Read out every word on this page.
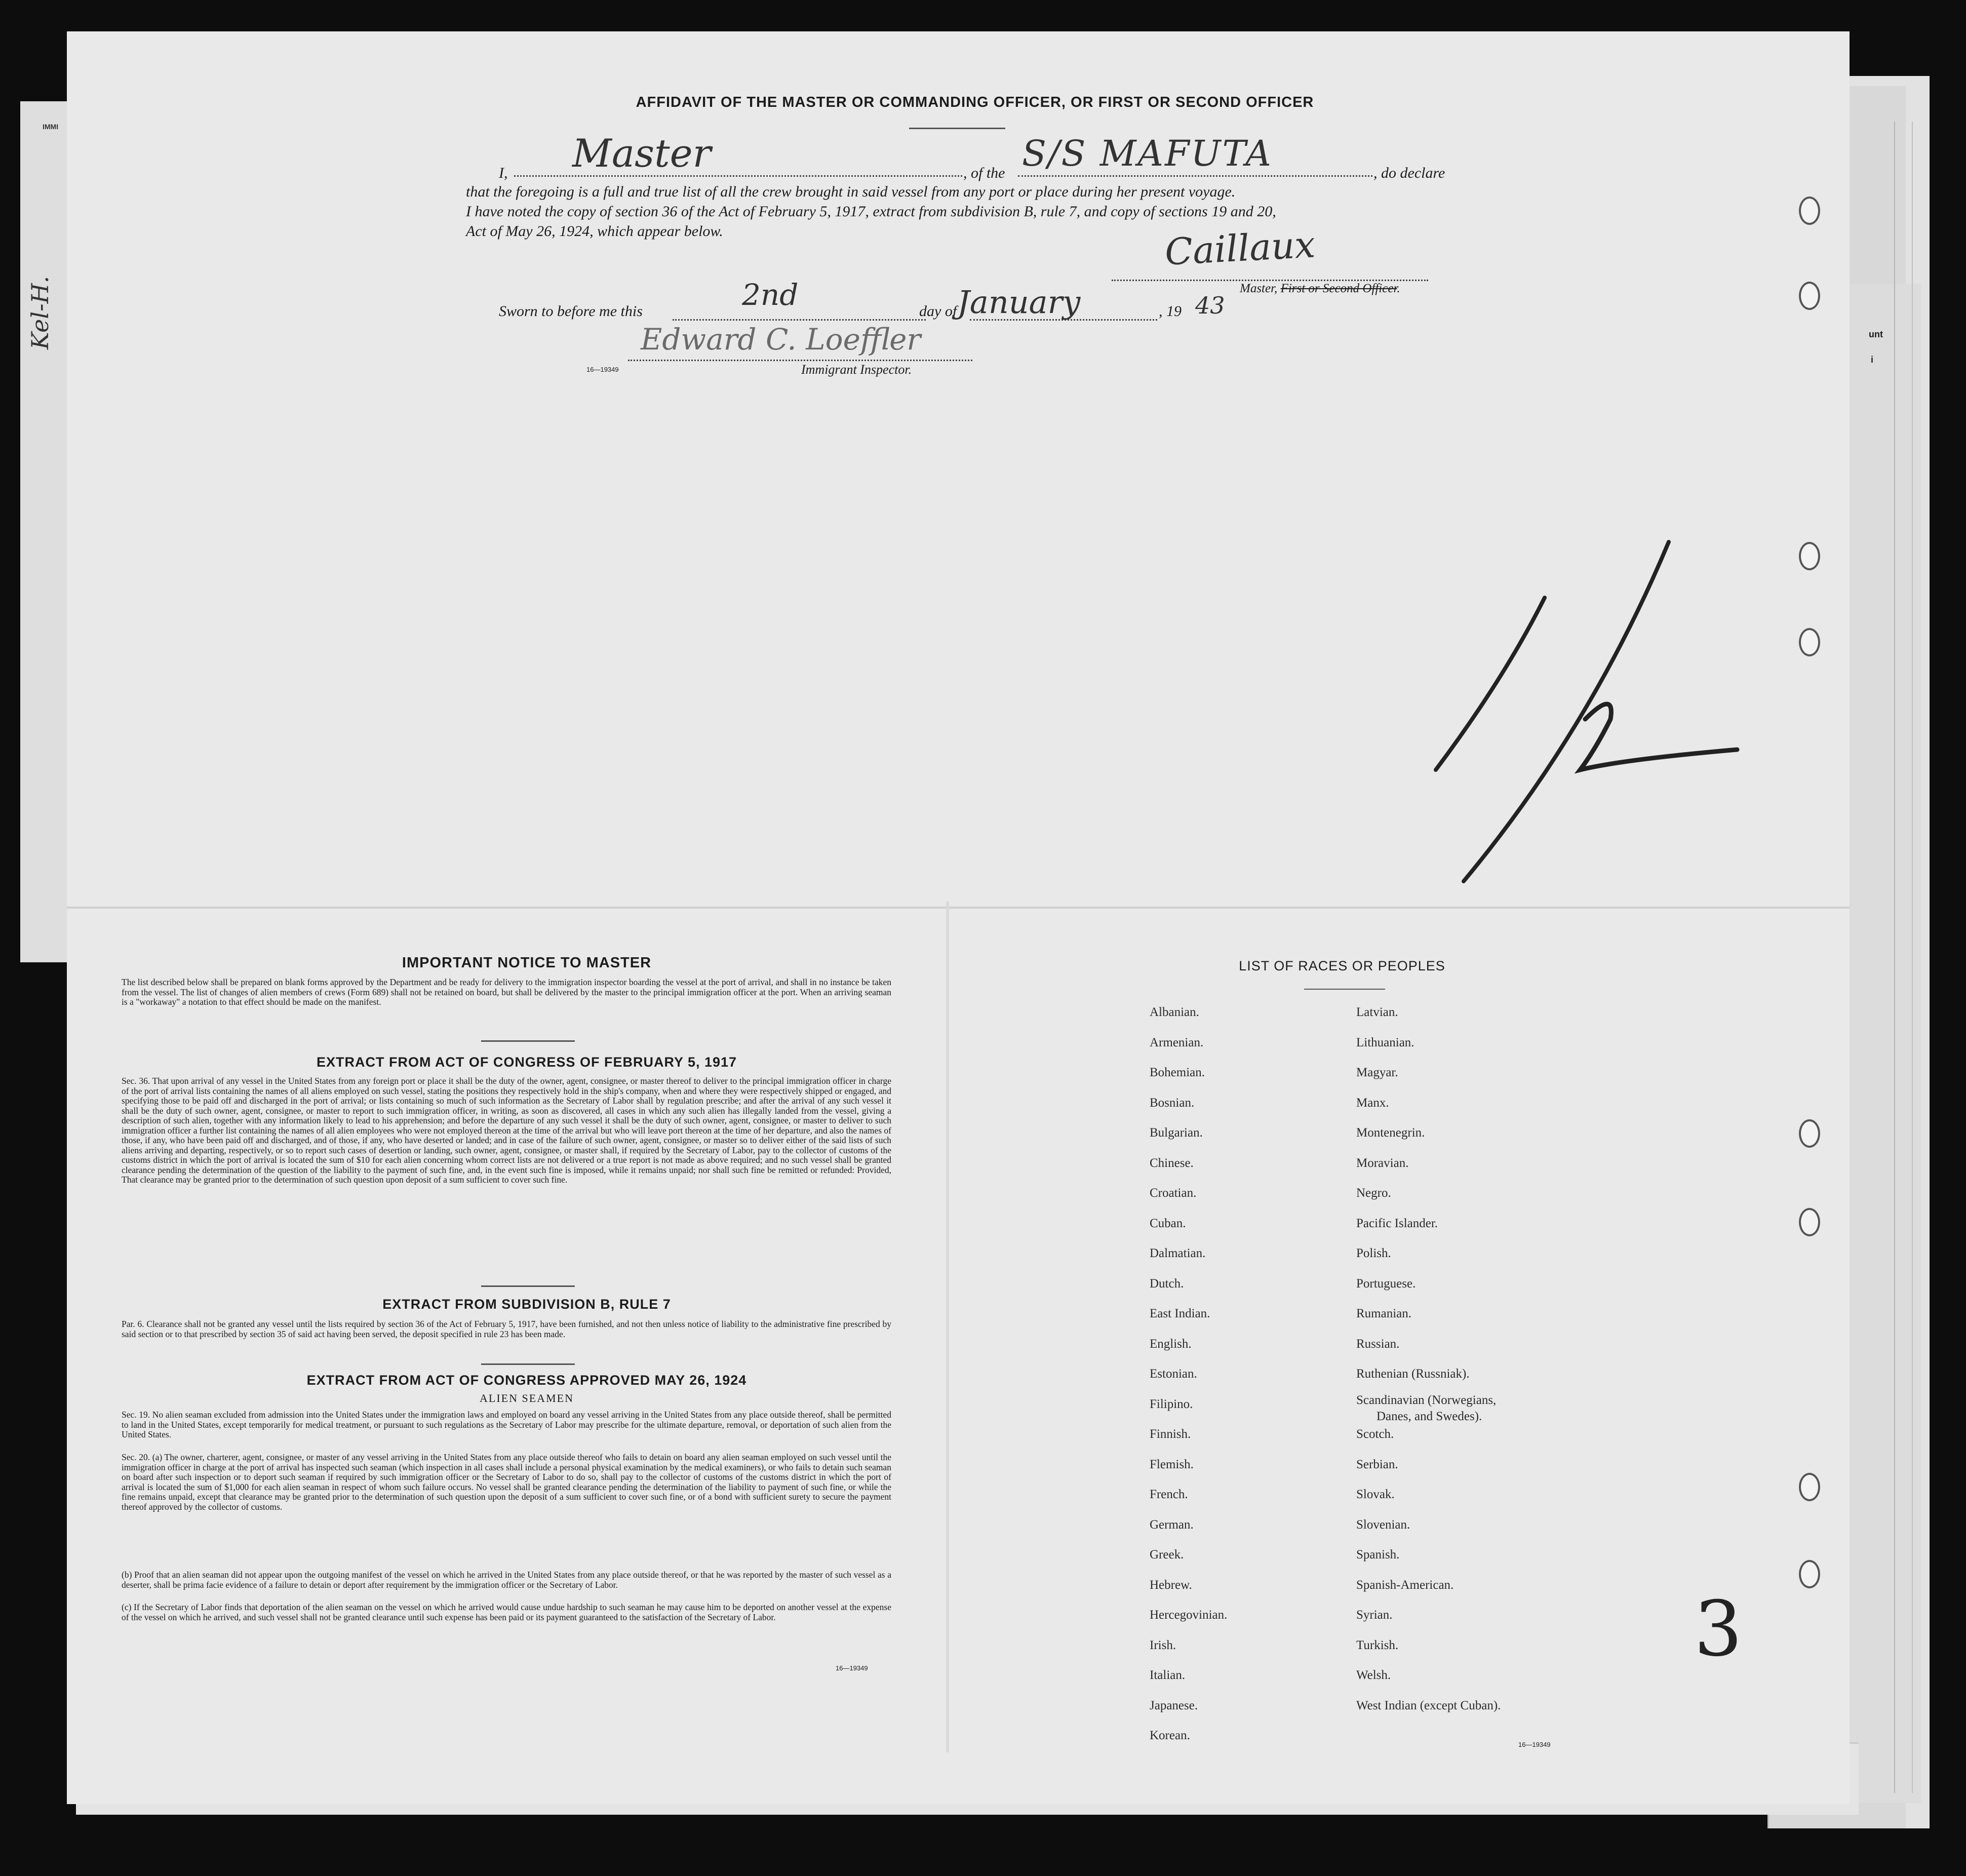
unt
i
IMMI
Kel-H.
AFFIDAVIT OF THE MASTER OR COMMANDING OFFICER, OR FIRST OR SECOND OFFICER
I, Master	, of the S/S MAFUTA	, do declare
that the foregoing is a full and true list of all the crew brought in said vessel from any port or place during her present voyage.
I have noted the copy of section 36 of the Act of February 5, 1917, extract from subdivision B, rule 7, and copy of sections 19 and 20,
Act of May 26, 1924, which appear below.	Caillaux
Master, First or Second Officer.
Sworn to before me this	2nd	day of January	, 19 43
Edward C. Loeffler
16—19349	Immigrant Inspector.
3
IMPORTANT NOTICE TO MASTER
The list described below shall be prepared on blank forms approved by the Department and be ready for delivery to the immigration inspector boarding the vessel at the port of arrival, and shall in no instance be taken from the vessel. The list of changes of alien members of crews (Form 689) shall not be retained on board, but shall be delivered by the master to the principal immigration officer at the port. When an arriving seaman is a "workaway" a notation to that effect should be made on the manifest.
EXTRACT FROM ACT OF CONGRESS OF FEBRUARY 5, 1917
Sec. 36. That upon arrival of any vessel in the United States from any foreign port or place it shall be the duty of the owner, agent, consignee, or master thereof to deliver to the principal immigration officer in charge of the port of arrival lists containing the names of all aliens employed on such vessel, stating the positions they respectively hold in the ship's company, when and where they were respectively shipped or engaged, and specifying those to be paid off and discharged in the port of arrival; or lists containing so much of such information as the Secretary of Labor shall by regulation prescribe; and after the arrival of any such vessel it shall be the duty of such owner, agent, consignee, or master to report to such immigration officer, in writing, as soon as discovered, all cases in which any such alien has illegally landed from the vessel, giving a description of such alien, together with any information likely to lead to his apprehension; and before the departure of any such vessel it shall be the duty of such owner, agent, consignee, or master to deliver to such immigration officer a further list containing the names of all alien employees who were not employed thereon at the time of the arrival but who will leave port thereon at the time of her departure, and also the names of those, if any, who have been paid off and discharged, and of those, if any, who have deserted or landed; and in case of the failure of such owner, agent, consignee, or master so to deliver either of the said lists of such aliens arriving and departing, respectively, or so to report such cases of desertion or landing, such owner, agent, consignee, or master shall, if required by the Secretary of Labor, pay to the collector of customs of the customs district in which the port of arrival is located the sum of $10 for each alien concerning whom correct lists are not delivered or a true report is not made as above required; and no such vessel shall be granted clearance pending the determination of the question of the liability to the payment of such fine, and, in the event such fine is imposed, while it remains unpaid; nor shall such fine be remitted or refunded: Provided, That clearance may be granted prior to the determination of such question upon deposit of a sum sufficient to cover such fine.
EXTRACT FROM SUBDIVISION B, RULE 7
Par. 6. Clearance shall not be granted any vessel until the lists required by section 36 of the Act of February 5, 1917, have been furnished, and not then unless notice of liability to the administrative fine prescribed by said section or to that prescribed by section 35 of said act having been served, the deposit specified in rule 23 has been made.
EXTRACT FROM ACT OF CONGRESS APPROVED MAY 26, 1924
ALIEN SEAMEN
Sec. 19. No alien seaman excluded from admission into the United States under the immigration laws and employed on board any vessel arriving in the United States from any place outside thereof, shall be permitted to land in the United States, except temporarily for medical treatment, or pursuant to such regulations as the Secretary of Labor may prescribe for the ultimate departure, removal, or deportation of such alien from the United States.
Sec. 20. (a) The owner, charterer, agent, consignee, or master of any vessel arriving in the United States from any place outside thereof who fails to detain on board any alien seaman employed on such vessel until the immigration officer in charge at the port of arrival has inspected such seaman (which inspection in all cases shall include a personal physical examination by the medical examiners), or who fails to detain such seaman on board after such inspection or to deport such seaman if required by such immigration officer or the Secretary of Labor to do so, shall pay to the collector of customs of the customs district in which the port of arrival is located the sum of $1,000 for each alien seaman in respect of whom such failure occurs. No vessel shall be granted clearance pending the determination of the liability to payment of such fine, or while the fine remains unpaid, except that clearance may be granted prior to the determination of such question upon the deposit of a sum sufficient to cover such fine, or of a bond with sufficient surety to secure the payment thereof approved by the collector of customs.
(b) Proof that an alien seaman did not appear upon the outgoing manifest of the vessel on which he arrived in the United States from any place outside thereof, or that he was reported by the master of such vessel as a deserter, shall be prima facie evidence of a failure to detain or deport after requirement by the immigration officer or the Secretary of Labor.
(c) If the Secretary of Labor finds that deportation of the alien seaman on the vessel on which he arrived would cause undue hardship to such seaman he may cause him to be deported on another vessel at the expense of the vessel on which he arrived, and such vessel shall not be granted clearance until such expense has been paid or its payment guaranteed to the satisfaction of the Secretary of Labor.
16—19349
LIST OF RACES OR PEOPLES
Albanian.
Armenian.
Bohemian.
Bosnian.
Bulgarian.
Chinese.
Croatian.
Cuban.
Dalmatian.
Dutch.
East Indian.
English.
Estonian.
Filipino.
Finnish.
Flemish.
French.
German.
Greek.
Hebrew.
Hercegovinian.
Irish.
Italian.
Japanese.
Korean.
Latvian.
Lithuanian.
Magyar.
Manx.
Montenegrin.
Moravian.
Negro.
Pacific Islander.
Polish.
Portuguese.
Rumanian.
Russian.
Ruthenian (Russniak).
Scandinavian (Norwegians,
Danes, and Swedes).
Scotch.
Serbian.
Slovak.
Slovenian.
Spanish.
Spanish-American.
Syrian.
Turkish.
Welsh.
West Indian (except Cuban).
16—19349
